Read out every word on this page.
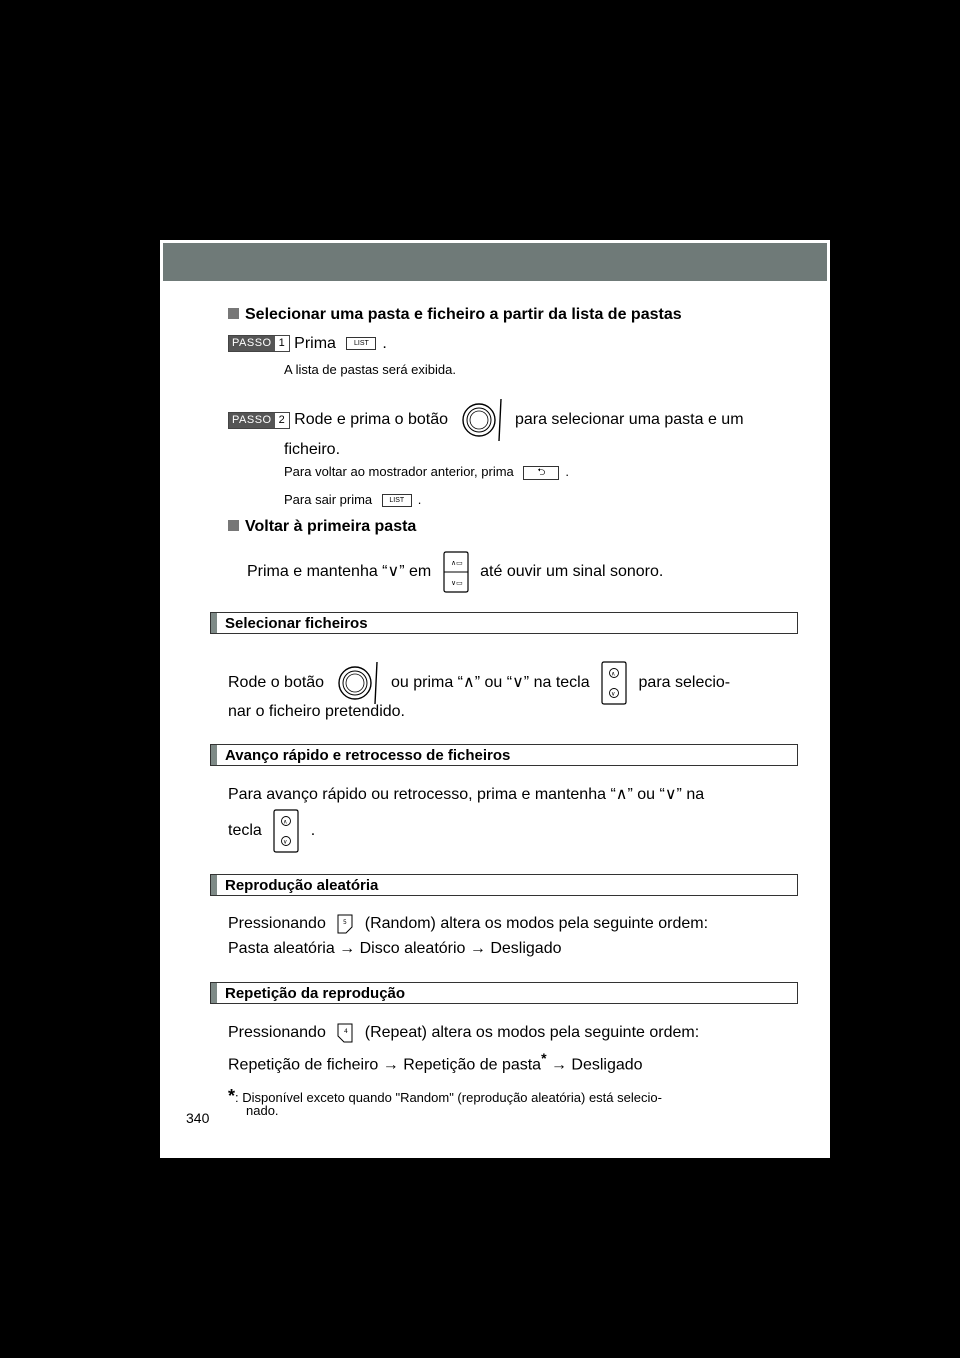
Selecionar uma pasta e ficheiro a partir da lista de pastas
PASSO 1 Prima	LIST .
A lista de pastas será exibida.
PASSO 2 Rode e prima o botão	para selecionar uma pasta e um
ficheiro.
Para voltar ao mostrador anterior, prima ⮌ .
Para sair prima LIST .
Voltar à primeira pasta
Prima e mantenha “∨” em
∧▭
∨▭
até ouvir um sinal sonoro.
Selecionar ficheiros
Rode o botão	ou prima “∧” ou “∨” na tecla
∧
∨
para selecio-
nar o ficheiro pretendido.
Avanço rápido e retrocesso de ficheiros
Para avanço rápido ou retrocesso, prima e mantenha “∧” ou “∨” na
tecla
∧
∨
.
Reprodução aleatória
Pressionando	5 (Random) altera os modos pela seguinte ordem:
Pasta aleatória → Disco aleatório → Desligado
Repetição da reprodução
Pressionando	4 (Repeat) altera os modos pela seguinte ordem:
Repetição de ficheiro → Repetição de pasta* → Desligado
*: Disponível exceto quando "Random" (reprodução aleatória) está selecio-
nado.
340
